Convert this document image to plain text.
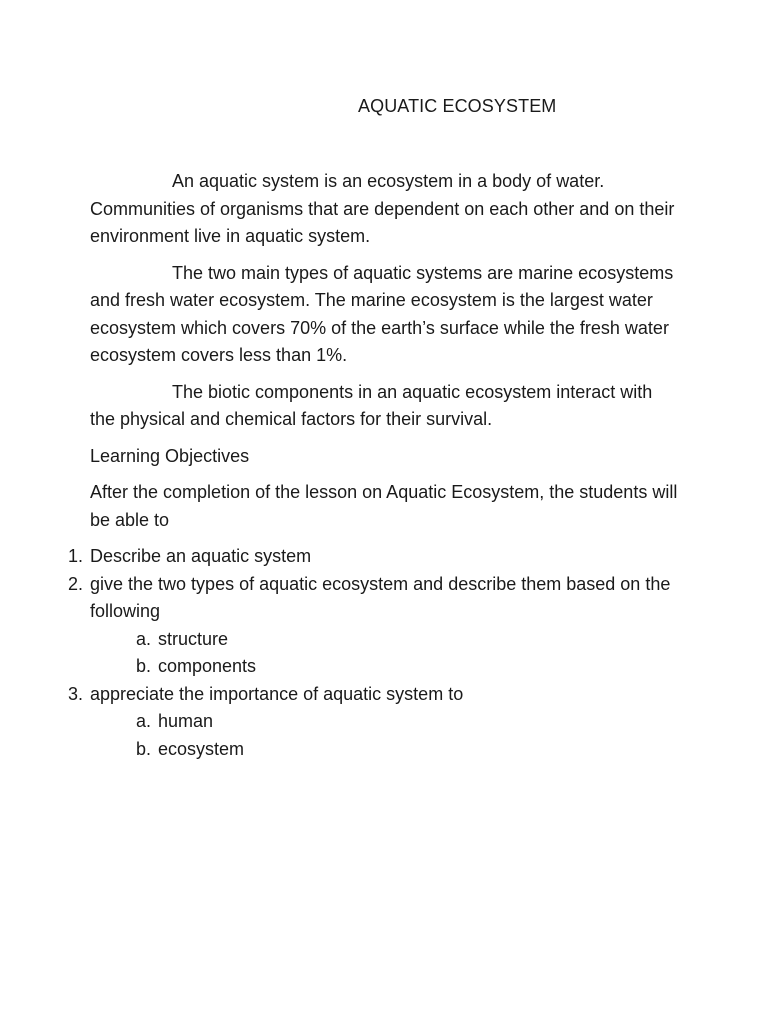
AQUATIC ECOSYSTEM

An aquatic system is an ecosystem in a body of water. Communities of organisms that are dependent on each other and on their environment live in aquatic system.

The two main types of aquatic systems are marine ecosystems and fresh water ecosystem. The marine ecosystem is the largest water ecosystem which covers 70% of the earth’s surface while the fresh water ecosystem covers less than 1%.

The biotic components in an aquatic ecosystem interact with the physical and chemical factors for their survival.

Learning Objectives

After the completion of the lesson on Aquatic Ecosystem, the students will be able to

1. Describe an aquatic system
2. give the two types of aquatic ecosystem and describe them based on the following
a. structure
b. components
3. appreciate the importance of aquatic system to
a. human
b. ecosystem
